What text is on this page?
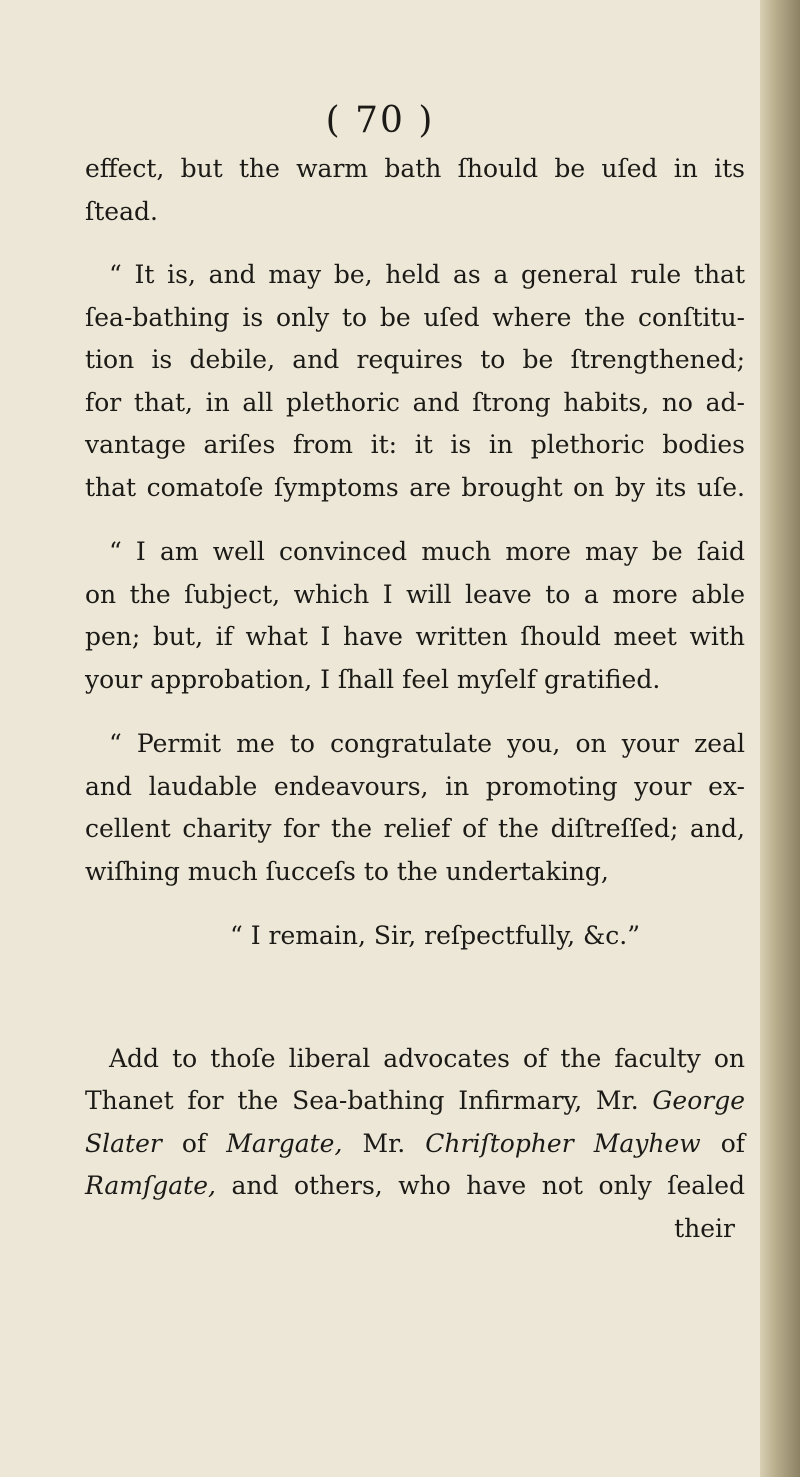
( 70 )
effect, but the warm bath ſhould be uſed in its
ſtead.
“ It is, and may be, held as a general rule that
ſea-bathing is only to be uſed where the conſtitu-
tion is debile, and requires to be ſtrengthened;
for that, in all plethoric and ſtrong habits, no ad-
vantage ariſes from it: it is in plethoric bodies
that comatoſe ſymptoms are brought on by its uſe.
“ I am well convinced much more may be ſaid
on the ſubject, which I will leave to a more able
pen; but, if what I have written ſhould meet with
your approbation, I ſhall feel myſelf gratified.
“ Permit me to congratulate you, on your zeal
and laudable endeavours, in promoting your ex-
cellent charity for the relief of the diſtreſſed; and,
wiſhing much ſucceſs to the undertaking,
“ I remain, Sir, reſpectfully, &c.”
Add to thoſe liberal advocates of the faculty on
Thanet for the Sea-bathing Infirmary, Mr. George
Slater of Margate, Mr. Chriſtopher Mayhew of
Ramſgate, and others, who have not only ſealed
their
